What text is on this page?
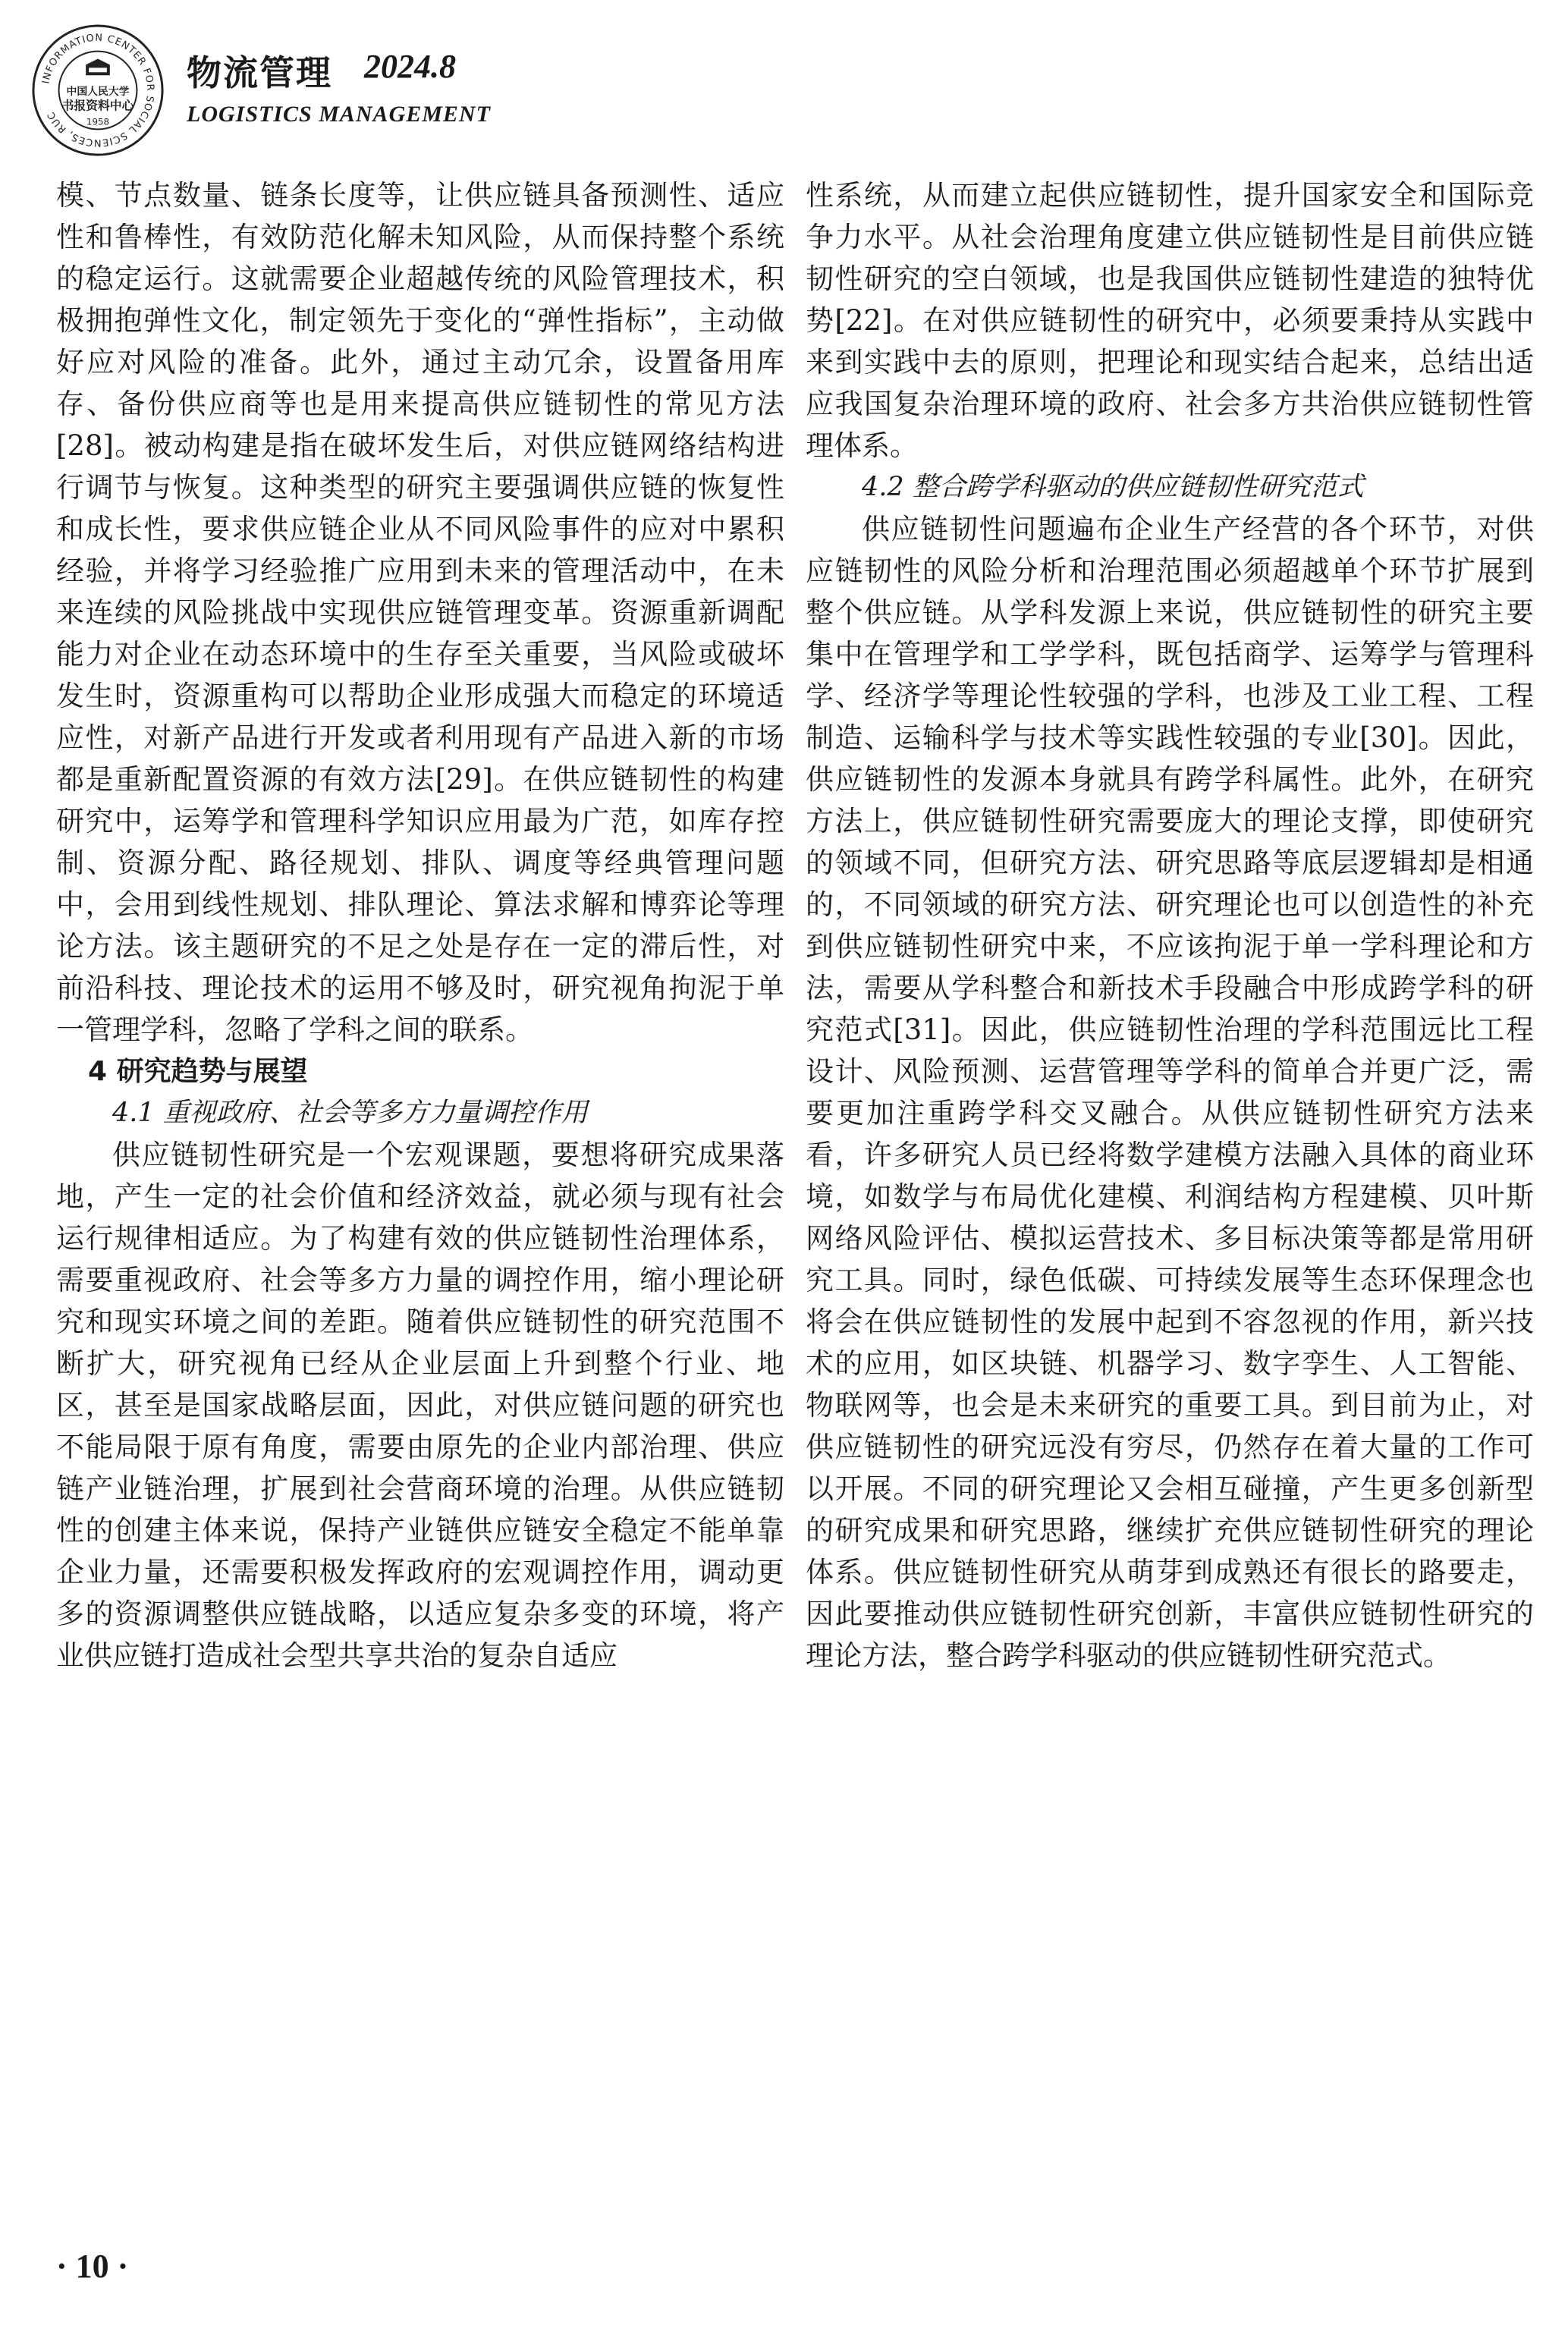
INFORMATION CENTER FOR SOCIAL SCIENCES, RUC
中国人民大学
书报资料中心
1958
物流管理 2024.8
LOGISTICS MANAGEMENT

模、节点数量、链条长度等，让供应链具备预测性、适应性和鲁棒性，有效防范化解未知风险，从而保持整个系统的稳定运行。这就需要企业超越传统的风险管理技术，积极拥抱弹性文化，制定领先于变化的“弹性指标”，主动做好应对风险的准备。此外，通过主动冗余，设置备用库存、备份供应商等也是用来提高供应链韧性的常见方法[28]。被动构建是指在破坏发生后，对供应链网络结构进行调节与恢复。这种类型的研究主要强调供应链的恢复性和成长性，要求供应链企业从不同风险事件的应对中累积经验，并将学习经验推广应用到未来的管理活动中，在未来连续的风险挑战中实现供应链管理变革。资源重新调配能力对企业在动态环境中的生存至关重要，当风险或破坏发生时，资源重构可以帮助企业形成强大而稳定的环境适应性，对新产品进行开发或者利用现有产品进入新的市场都是重新配置资源的有效方法[29]。在供应链韧性的构建研究中，运筹学和管理科学知识应用最为广范，如库存控制、资源分配、路径规划、排队、调度等经典管理问题中，会用到线性规划、排队理论、算法求解和博弈论等理论方法。该主题研究的不足之处是存在一定的滞后性，对前沿科技、理论技术的运用不够及时，研究视角拘泥于单一管理学科，忽略了学科之间的联系。

4 研究趋势与展望

4.1 重视政府、社会等多方力量调控作用

供应链韧性研究是一个宏观课题，要想将研究成果落地，产生一定的社会价值和经济效益，就必须与现有社会运行规律相适应。为了构建有效的供应链韧性治理体系，需要重视政府、社会等多方力量的调控作用，缩小理论研究和现实环境之间的差距。随着供应链韧性的研究范围不断扩大，研究视角已经从企业层面上升到整个行业、地区，甚至是国家战略层面，因此，对供应链问题的研究也不能局限于原有角度，需要由原先的企业内部治理、供应链产业链治理，扩展到社会营商环境的治理。从供应链韧性的创建主体来说，保持产业链供应链安全稳定不能单靠企业力量，还需要积极发挥政府的宏观调控作用，调动更多的资源调整供应链战略，以适应复杂多变的环境，将产业供应链打造成社会型共享共治的复杂自适应

性系统，从而建立起供应链韧性，提升国家安全和国际竞争力水平。从社会治理角度建立供应链韧性是目前供应链韧性研究的空白领域，也是我国供应链韧性建造的独特优势[22]。在对供应链韧性的研究中，必须要秉持从实践中来到实践中去的原则，把理论和现实结合起来，总结出适应我国复杂治理环境的政府、社会多方共治供应链韧性管理体系。

4.2 整合跨学科驱动的供应链韧性研究范式

供应链韧性问题遍布企业生产经营的各个环节，对供应链韧性的风险分析和治理范围必须超越单个环节扩展到整个供应链。从学科发源上来说，供应链韧性的研究主要集中在管理学和工学学科，既包括商学、运筹学与管理科学、经济学等理论性较强的学科，也涉及工业工程、工程制造、运输科学与技术等实践性较强的专业[30]。因此，供应链韧性的发源本身就具有跨学科属性。此外，在研究方法上，供应链韧性研究需要庞大的理论支撑，即使研究的领域不同，但研究方法、研究思路等底层逻辑却是相通的，不同领域的研究方法、研究理论也可以创造性的补充到供应链韧性研究中来，不应该拘泥于单一学科理论和方法，需要从学科整合和新技术手段融合中形成跨学科的研究范式[31]。因此，供应链韧性治理的学科范围远比工程设计、风险预测、运营管理等学科的简单合并更广泛，需要更加注重跨学科交叉融合。从供应链韧性研究方法来看，许多研究人员已经将数学建模方法融入具体的商业环境，如数学与布局优化建模、利润结构方程建模、贝叶斯网络风险评估、模拟运营技术、多目标决策等都是常用研究工具。同时，绿色低碳、可持续发展等生态环保理念也将会在供应链韧性的发展中起到不容忽视的作用，新兴技术的应用，如区块链、机器学习、数字孪生、人工智能、物联网等，也会是未来研究的重要工具。到目前为止，对供应链韧性的研究远没有穷尽，仍然存在着大量的工作可以开展。不同的研究理论又会相互碰撞，产生更多创新型的研究成果和研究思路，继续扩充供应链韧性研究的理论体系。供应链韧性研究从萌芽到成熟还有很长的路要走，因此要推动供应链韧性研究创新，丰富供应链韧性研究的理论方法，整合跨学科驱动的供应链韧性研究范式。

· 10 ·
